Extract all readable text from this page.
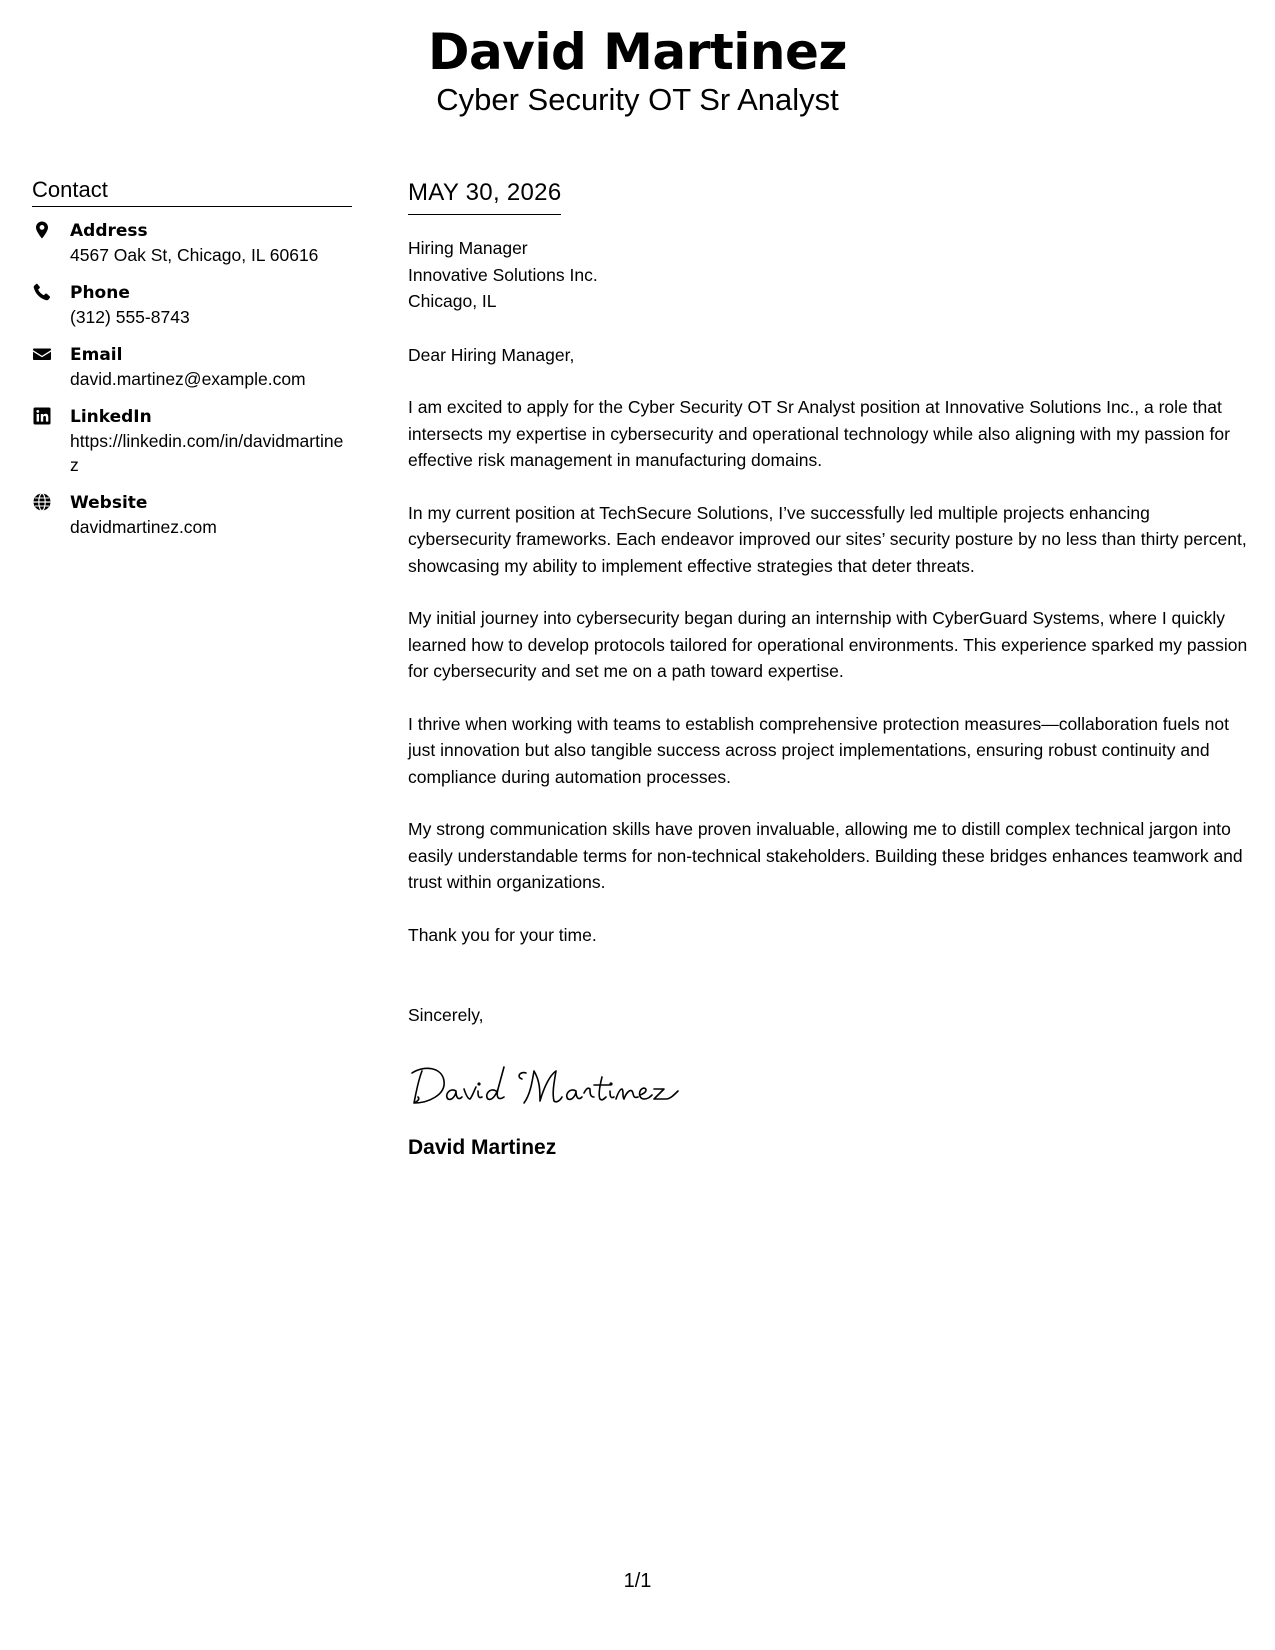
David Martinez
Cyber Security OT Sr Analyst
Contact
Address
4567 Oak St, Chicago, IL 60616
Phone
(312) 555-8743
Email
david.martinez@example.com
LinkedIn
https://linkedin.com/in/davidmartinez
Website
davidmartinez.com
MAY 30, 2026
Hiring Manager
Innovative Solutions Inc.
Chicago, IL
Dear Hiring Manager,
I am excited to apply for the Cyber Security OT Sr Analyst position at Innovative Solutions Inc., a role that intersects my expertise in cybersecurity and operational technology while also aligning with my passion for effective risk management in manufacturing domains.
In my current position at TechSecure Solutions, I’ve successfully led multiple projects enhancing cybersecurity frameworks. Each endeavor improved our sites’ security posture by no less than thirty percent, showcasing my ability to implement effective strategies that deter threats.
My initial journey into cybersecurity began during an internship with CyberGuard Systems, where I quickly learned how to develop protocols tailored for operational environments. This experience sparked my passion for cybersecurity and set me on a path toward expertise.
I thrive when working with teams to establish comprehensive protection measures—collaboration fuels not just innovation but also tangible success across project implementations, ensuring robust continuity and compliance during automation processes.
My strong communication skills have proven invaluable, allowing me to distill complex technical jargon into easily understandable terms for non-technical stakeholders. Building these bridges enhances teamwork and trust within organizations.
Thank you for your time.
Sincerely,
David Martinez
1/1
